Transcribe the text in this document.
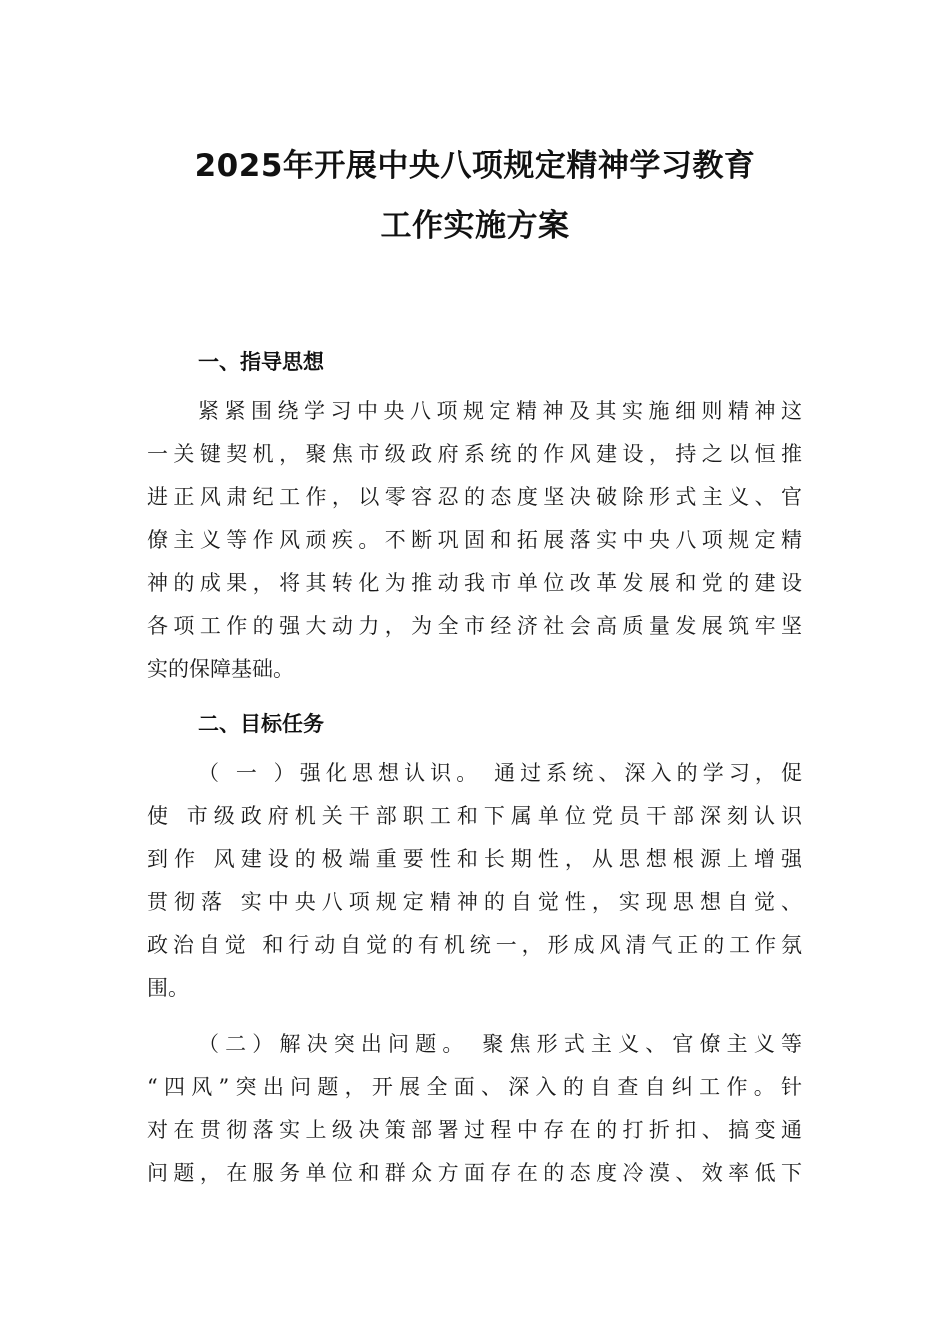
2025年开展中央八项规定精神学习教育
工作实施方案
一、指导思想
紧紧围绕学习中央八项规定精神及其实施细则精神这
一关键契机，聚焦市级政府系统的作风建设，持之以恒推
进正风肃纪工作，以零容忍的态度坚决破除形式主义、官
僚主义等作风顽疾。不断巩固和拓展落实中央八项规定精
神的成果，将其转化为推动我市单位改革发展和党的建设
各项工作的强大动力，为全市经济社会高质量发展筑牢坚
实的保障基础。
二、目标任务
（ 一 ）强化思想认识。 通过系统、深入的学习，促
使 市级政府机关干部职工和下属单位党员干部深刻认识
到作 风建设的极端重要性和长期性，从思想根源上增强
贯彻落 实中央八项规定精神的自觉性，实现思想自觉、
政治自觉 和行动自觉的有机统一，形成风清气正的工作氛
围。
（二）解决突出问题。 聚焦形式主义、官僚主义等
“四风”突出问题，开展全面、深入的自查自纠工作。针
对在贯彻落实上级决策部署过程中存在的打折扣、搞变通
问题，在服务单位和群众方面存在的态度冷漠、效率低下
